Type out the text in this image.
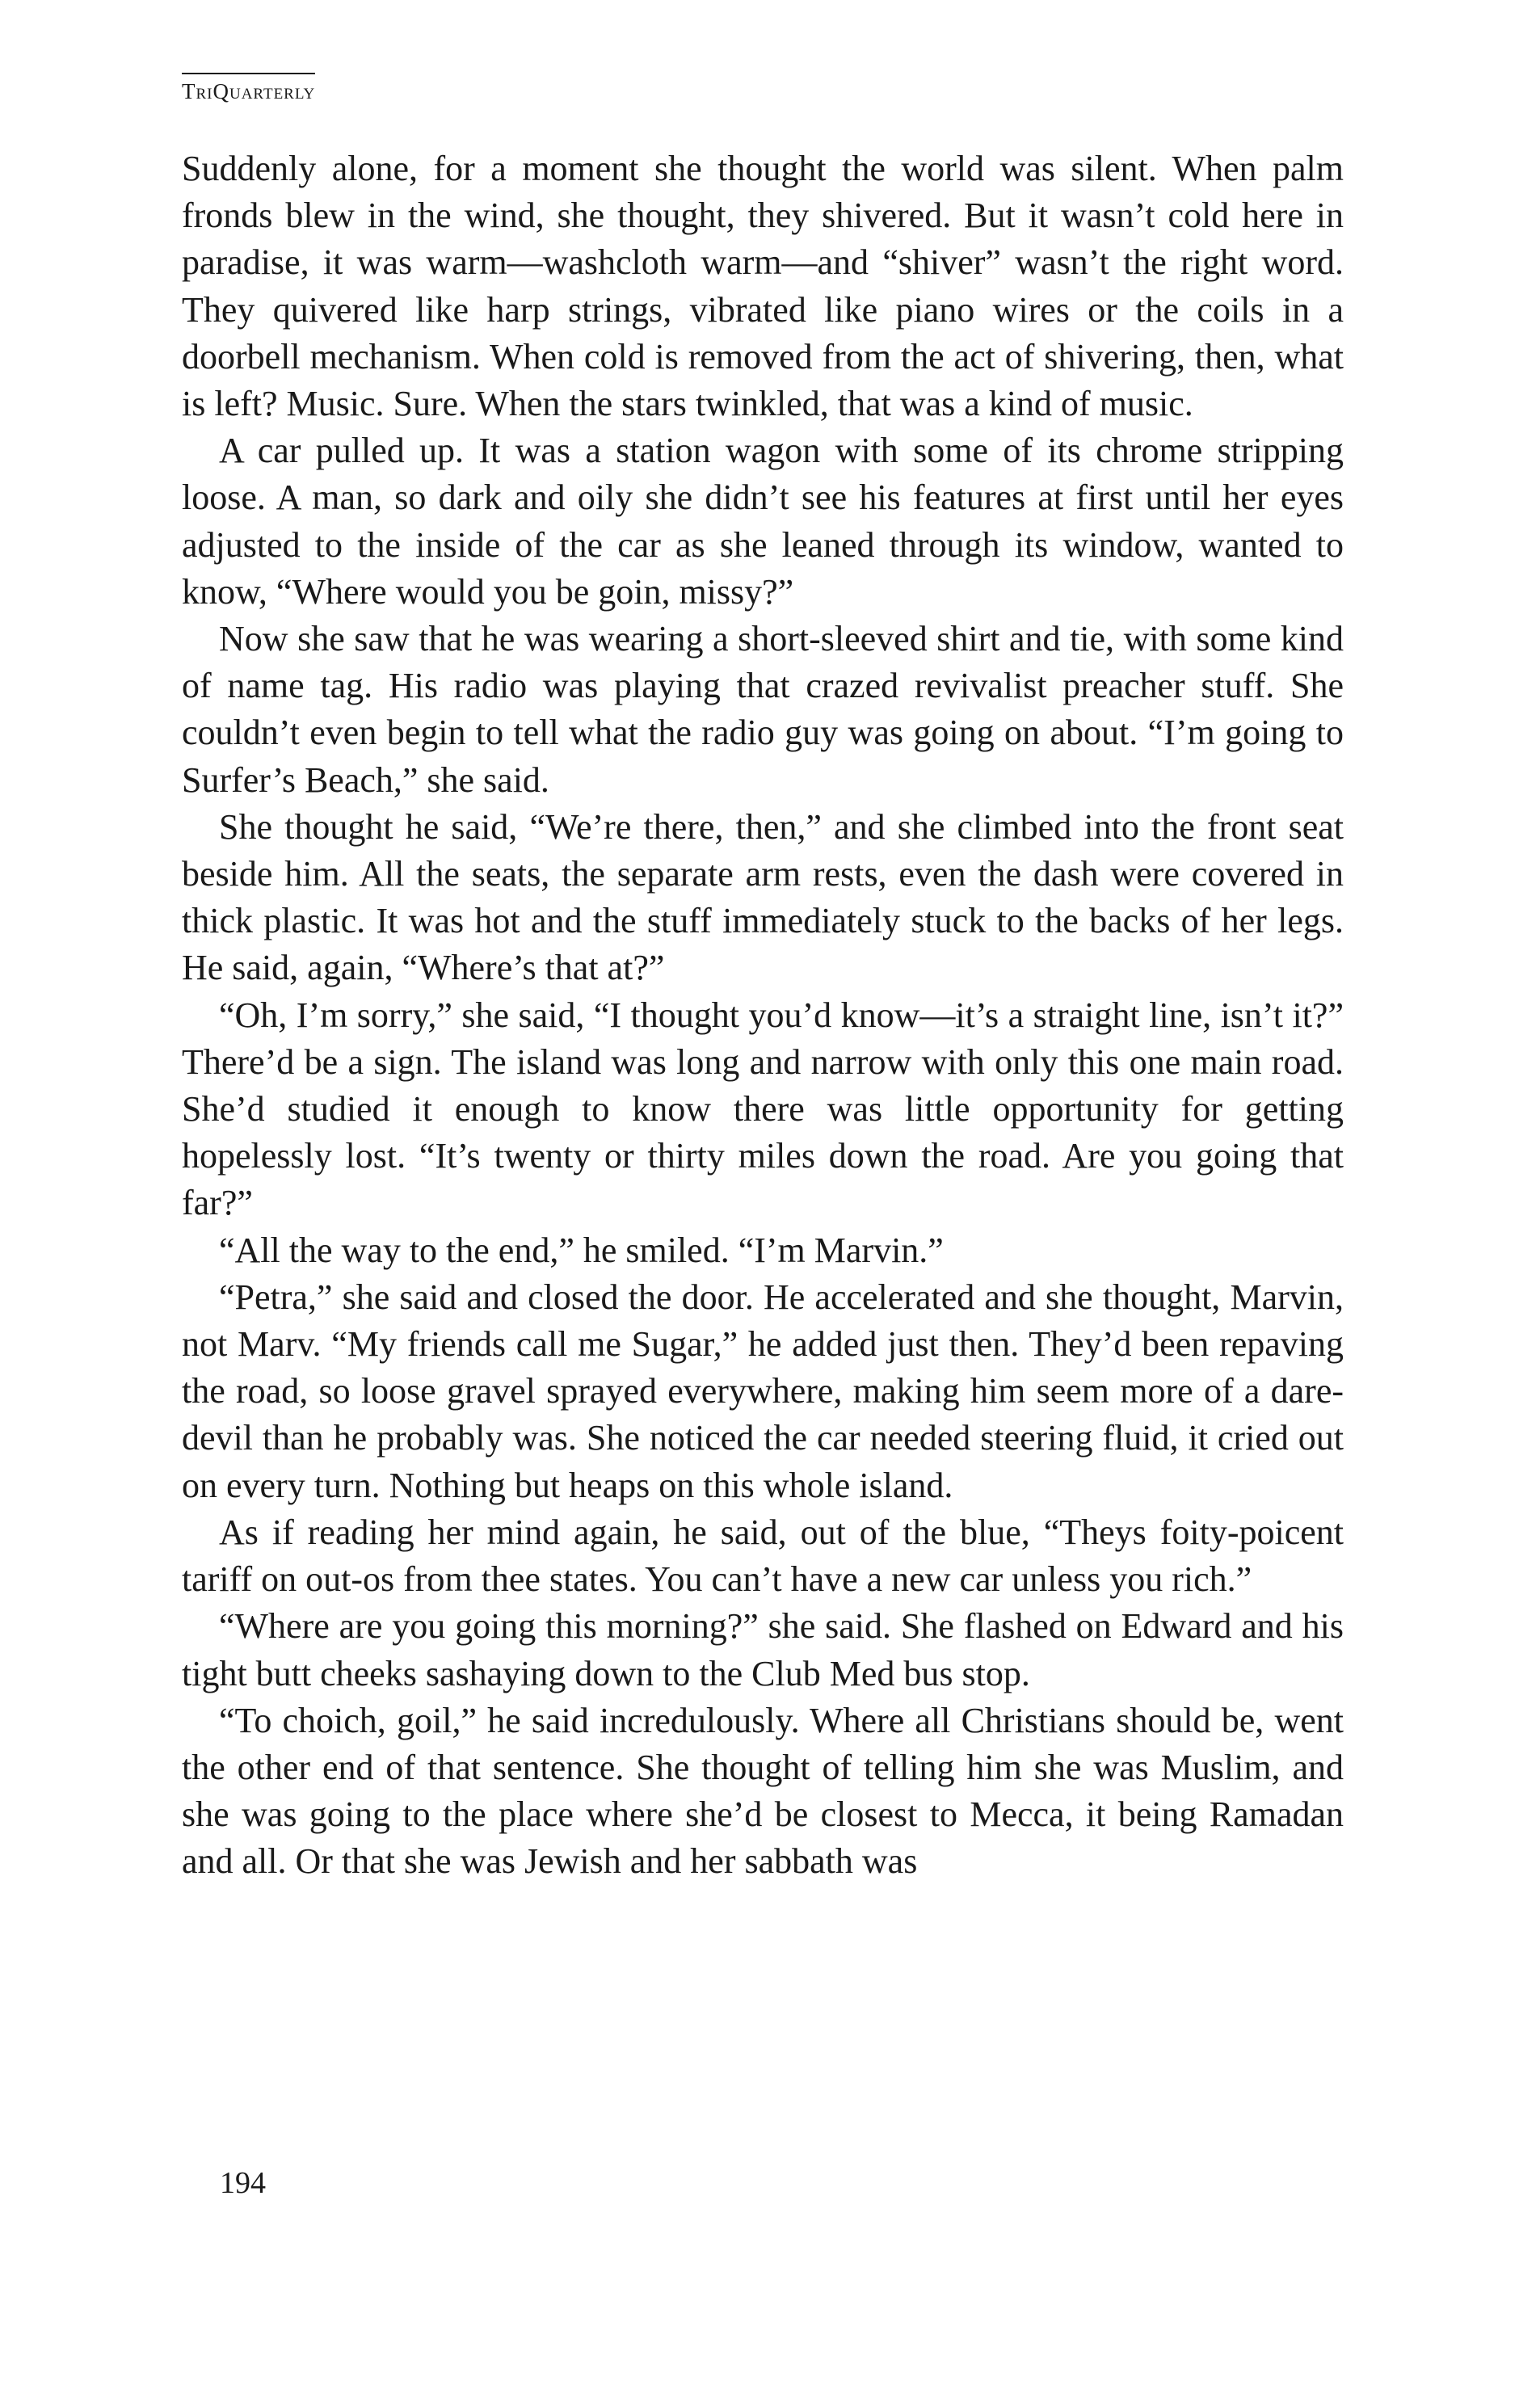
TriQuarterly

Suddenly alone, for a moment she thought the world was silent. When palm fronds blew in the wind, she thought, they shivered. But it wasn’t cold here in paradise, it was warm—washcloth warm—and “shiver” wasn’t the right word. They quivered like harp strings, vibrated like piano wires or the coils in a doorbell mechanism. When cold is removed from the act of shivering, then, what is left? Music. Sure. When the stars twinkled, that was a kind of music.

A car pulled up. It was a station wagon with some of its chrome stripping loose. A man, so dark and oily she didn’t see his features at first until her eyes adjusted to the inside of the car as she leaned through its window, wanted to know, “Where would you be goin, missy?”

Now she saw that he was wearing a short-sleeved shirt and tie, with some kind of name tag. His radio was playing that crazed revivalist preacher stuff. She couldn’t even begin to tell what the radio guy was going on about. “I’m going to Surfer’s Beach,” she said.

She thought he said, “We’re there, then,” and she climbed into the front seat beside him. All the seats, the separate arm rests, even the dash were covered in thick plastic. It was hot and the stuff immediately stuck to the backs of her legs. He said, again, “Where’s that at?”

“Oh, I’m sorry,” she said, “I thought you’d know—it’s a straight line, isn’t it?” There’d be a sign. The island was long and narrow with only this one main road. She’d studied it enough to know there was little opportunity for getting hopelessly lost. “It’s twenty or thirty miles down the road. Are you going that far?”

“All the way to the end,” he smiled. “I’m Marvin.”

“Petra,” she said and closed the door. He accelerated and she thought, Marvin, not Marv. “My friends call me Sugar,” he added just then. They’d been repaving the road, so loose gravel sprayed everywhere, making him seem more of a dare-devil than he probably was. She noticed the car needed steering fluid, it cried out on every turn. Nothing but heaps on this whole island.

As if reading her mind again, he said, out of the blue, “Theys foity-poicent tariff on out-os from thee states. You can’t have a new car unless you rich.”

“Where are you going this morning?” she said. She flashed on Edward and his tight butt cheeks sashaying down to the Club Med bus stop.

“To choich, goil,” he said incredulously. Where all Christians should be, went the other end of that sentence. She thought of telling him she was Muslim, and she was going to the place where she’d be closest to Mecca, it being Ramadan and all. Or that she was Jewish and her sabbath was

194
